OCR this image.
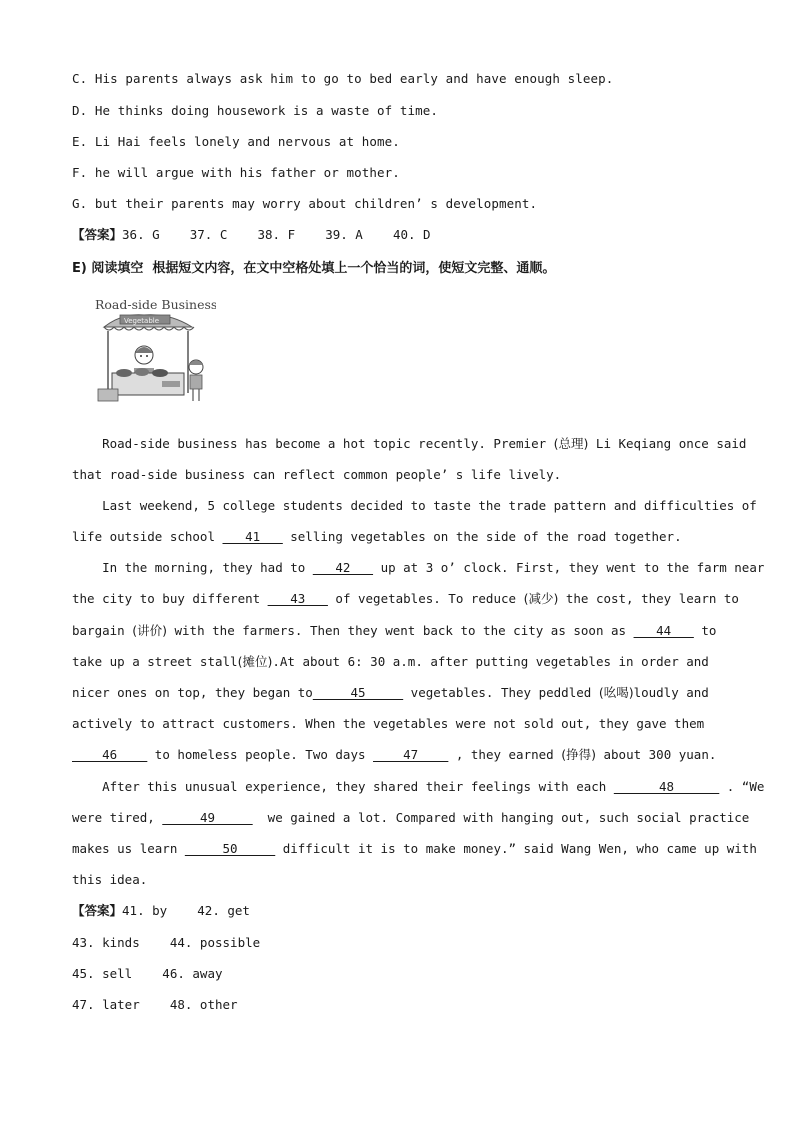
C. His parents always ask him to go to bed early and have enough sleep.
D. He thinks doing housework is a waste of time.
E. Li Hai feels lonely and nervous at home.
F. he will argue with his father or mother.
G. but their parents may worry about children’ s development.
【答案】36. G    37. C    38. F    39. A    40. D
E) 阅读填空  根据短文内容，在文中空格处填上一个恰当的词，使短文完整、通顺。
Road-side Business
Vegetable
Road-side business has become a hot topic recently. Premier (总理) Li Keqiang once said
that road-side business can reflect common people’ s life lively.
Last weekend, 5 college students decided to taste the trade pattern and difficulties of
life outside school ___41___ selling vegetables on the side of the road together.
In the morning, they had to ___42___ up at 3 o’ clock. First, they went to the farm near
the city to buy different ___43___ of vegetables. To reduce (减少) the cost, they learn to
bargain (讲价) with the farmers. Then they went back to the city as soon as ___44___ to
take up a street stall(摊位).At about 6: 30 a.m. after putting vegetables in order and
nicer ones on top, they began to_____45_____ vegetables. They peddled (吆喝)loudly and
actively to attract customers. When the vegetables were not sold out, they gave them
____46____ to homeless people. Two days ____47____ , they earned (挣得) about 300 yuan.
After this unusual experience, they shared their feelings with each ______48______ . “We
were tired, _____49_____  we gained a lot. Compared with hanging out, such social practice
makes us learn _____50_____ difficult it is to make money.” said Wang Wen, who came up with
this idea.
【答案】41. by    42. get
43. kinds    44. possible
45. sell    46. away
47. later    48. other
